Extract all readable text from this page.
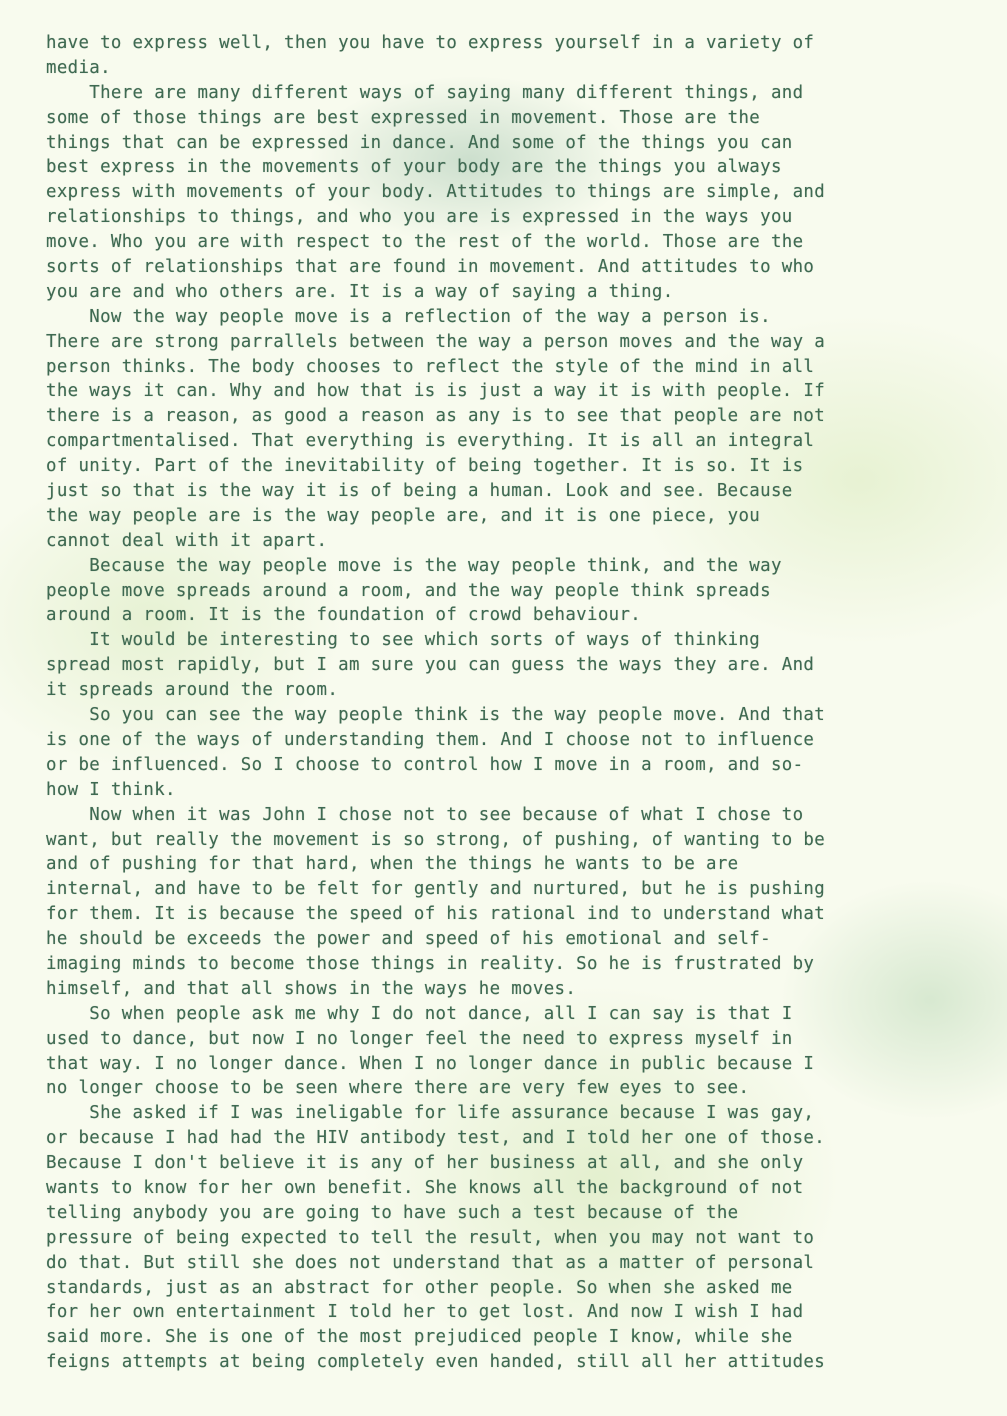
have to express well, then you have to express yourself in a variety of
media.
There are many different ways of saying many different things, and
some of those things are best expressed in movement. Those are the
things that can be expressed in dance. And some of the things you can
best express in the movements of your body are the things you always
express with movements of your body. Attitudes to things are simple, and
relationships to things, and who you are is expressed in the ways you
move. Who you are with respect to the rest of the world. Those are the
sorts of relationships that are found in movement. And attitudes to who
you are and who others are. It is a way of saying a thing.
Now the way people move is a reflection of the way a person is.
There are strong parrallels between the way a person moves and the way a
person thinks. The body chooses to reflect the style of the mind in all
the ways it can. Why and how that is is just a way it is with people. If
there is a reason, as good a reason as any is to see that people are not
compartmentalised. That everything is everything. It is all an integral
of unity. Part of the inevitability of being together. It is so. It is
just so that is the way it is of being a human. Look and see. Because
the way people are is the way people are, and it is one piece, you
cannot deal with it apart.
Because the way people move is the way people think, and the way
people move spreads around a room, and the way people think spreads
around a room. It is the foundation of crowd behaviour.
It would be interesting to see which sorts of ways of thinking
spread most rapidly, but I am sure you can guess the ways they are. And
it spreads around the room.
So you can see the way people think is the way people move. And that
is one of the ways of understanding them. And I choose not to influence
or be influenced. So I choose to control how I move in a room, and so-
how I think.
Now when it was John I chose not to see because of what I chose to
want, but really the movement is so strong, of pushing, of wanting to be
and of pushing for that hard, when the things he wants to be are
internal, and have to be felt for gently and nurtured, but he is pushing
for them. It is because the speed of his rational ind to understand what
he should be exceeds the power and speed of his emotional and self-
imaging minds to become those things in reality. So he is frustrated by
himself, and that all shows in the ways he moves.
So when people ask me why I do not dance, all I can say is that I
used to dance, but now I no longer feel the need to express myself in
that way. I no longer dance. When I no longer dance in public because I
no longer choose to be seen where there are very few eyes to see.
She asked if I was ineligable for life assurance because I was gay,
or because I had had the HIV antibody test, and I told her one of those.
Because I don't believe it is any of her business at all, and she only
wants to know for her own benefit. She knows all the background of not
telling anybody you are going to have such a test because of the
pressure of being expected to tell the result, when you may not want to
do that. But still she does not understand that as a matter of personal
standards, just as an abstract for other people. So when she asked me
for her own entertainment I told her to get lost. And now I wish I had
said more. She is one of the most prejudiced people I know, while she
feigns attempts at being completely even handed, still all her attitudes
